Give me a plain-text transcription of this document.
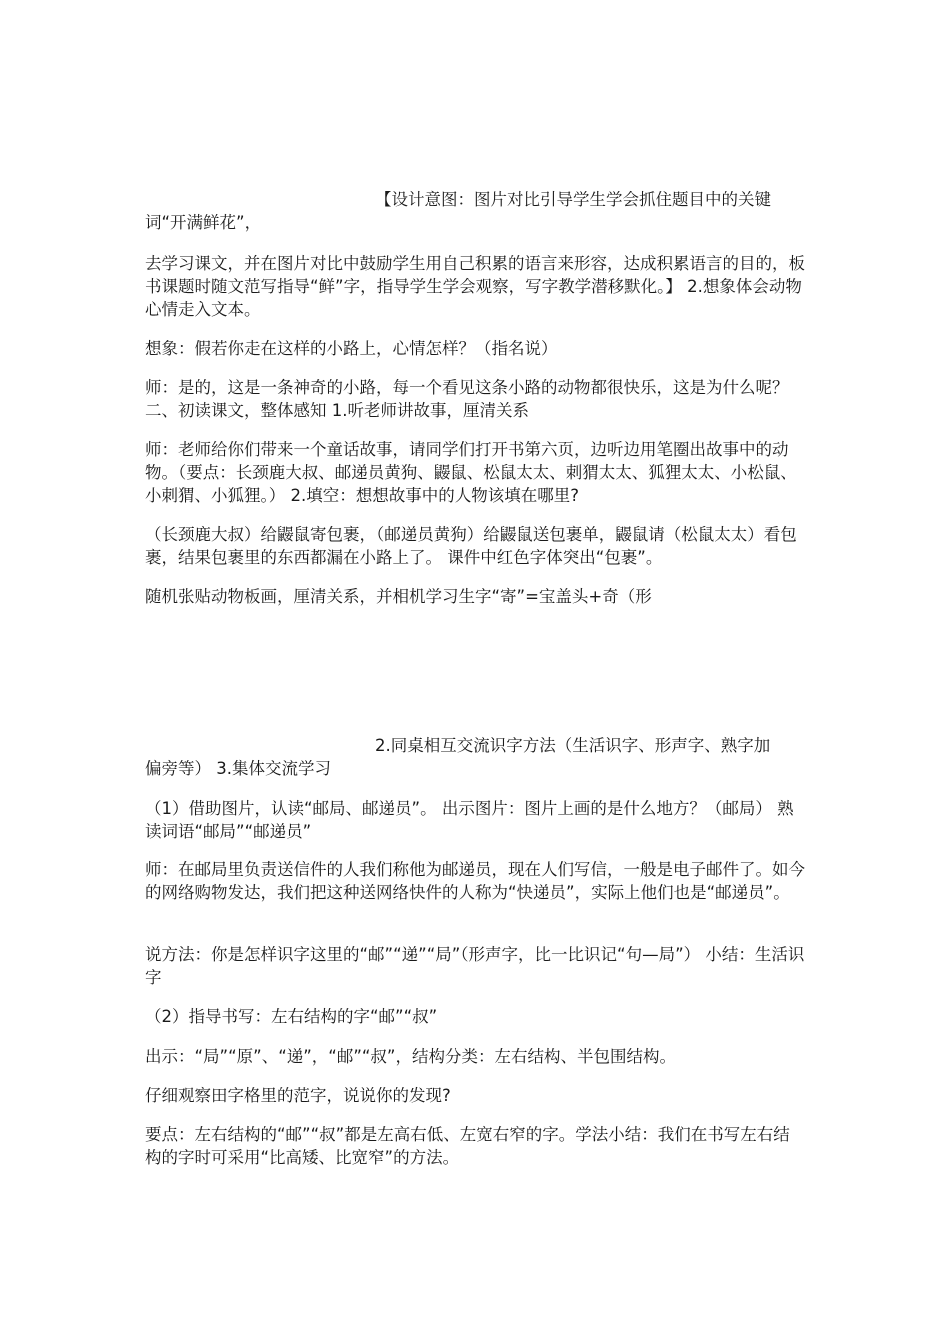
【设计意图：图片对比引导学生学会抓住题目中的关键
词“开满鲜花”，

去学习课文，并在图片对比中鼓励学生用自己积累的语言来形容，达成积累语言的目的，板书课题时随文范写指导“鲜”字，指导学生学会观察，写字教学潜移默化。】 2.想象体会动物心情走入文本。

想象：假若你走在这样的小路上，心情怎样？（指名说）

师：是的，这是一条神奇的小路，每一个看见这条小路的动物都很快乐，这是为什么呢？ 二、初读课文，整体感知 1.听老师讲故事，厘清关系

师：老师给你们带来一个童话故事，请同学们打开书第六页，边听边用笔圈出故事中的动物。（要点：长颈鹿大叔、邮递员黄狗、鼹鼠、松鼠太太、刺猬太太、狐狸太太、小松鼠、小刺猬、小狐狸。） 2.填空：想想故事中的人物该填在哪里?

（长颈鹿大叔）给鼹鼠寄包裹，（邮递员黄狗）给鼹鼠送包裹单，鼹鼠请（松鼠太太）看包裹，结果包裹里的东西都漏在小路上了。 课件中红色字体突出“包裹”。

随机张贴动物板画，厘清关系，并相机学习生字“寄”=宝盖头+奇（形

2.同桌相互交流识字方法（生活识字、形声字、熟字加
偏旁等） 3.集体交流学习

（1）借助图片，认读“邮局、邮递员”。 出示图片：图片上画的是什么地方？（邮局） 熟读词语“邮局”“邮递员”

师：在邮局里负责送信件的人我们称他为邮递员，现在人们写信，一般是电子邮件了。如今的网络购物发达，我们把这种送网络快件的人称为“快递员”，实际上他们也是“邮递员”。

说方法：你是怎样识字这里的“邮”“递”“局”（形声字，比一比识记“句—局”） 小结：生活识字

（2）指导书写：左右结构的字“邮”“叔”

出示：“局”“原”、“递”，“邮”“叔”，结构分类：左右结构、半包围结构。

仔细观察田字格里的范字，说说你的发现?

要点：左右结构的“邮”“叔”都是左高右低、左宽右窄的字。学法小结：我们在书写左右结构的字时可采用“比高矮、比宽窄”的方法。
